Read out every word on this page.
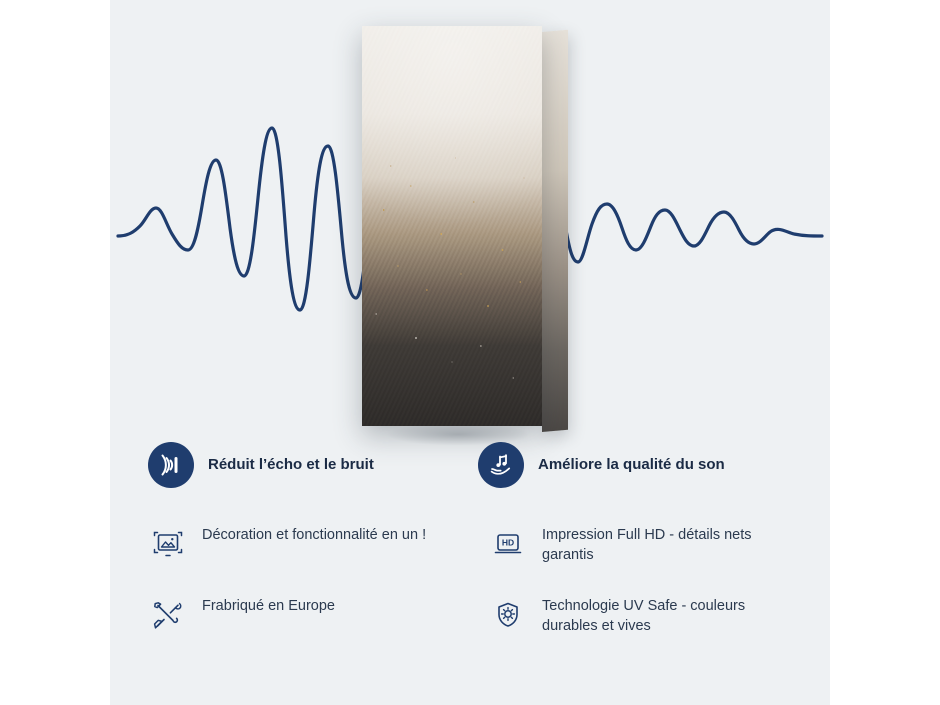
Réduit l’écho et le bruit	Améliore la qualité du son
Décoration et fonctionnalité en un !	HD Impression Full HD - détails nets garantis
Frabriqué en Europe	Technologie UV Safe - couleurs durables et vives
